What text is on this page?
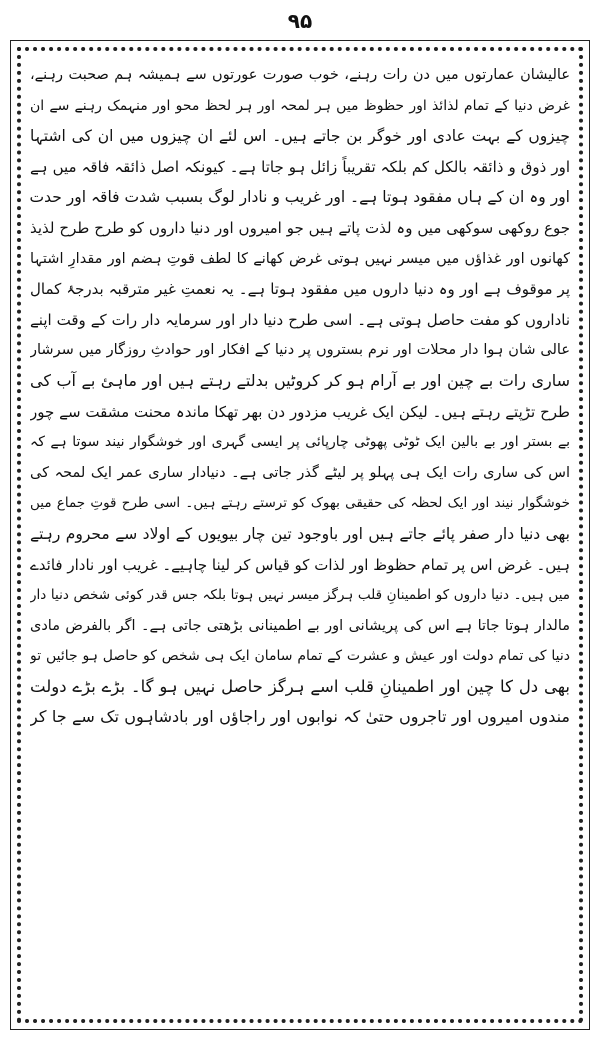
۹۵
عالیشان عمارتوں میں دن رات رہنے، خوب صورت عورتوں سے ہمیشہ ہم صحبت رہنے،
غرض دنیا کے تمام لذائذ اور حظوظ میں ہر لمحہ اور ہر لحظ محو اور منہمک رہنے سے ان
چیزوں کے بہت عادی اور خوگر بن جاتے ہیں۔ اس لئے ان چیزوں میں ان کی اشتہا
اور ذوق و ذائقہ بالکل کم بلکہ تقریباً زائل ہو جاتا ہے۔ کیونکہ اصل ذائقہ فاقہ میں ہے
اور وہ ان کے ہاں مفقود ہوتا ہے۔ اور غریب و نادار لوگ بسبب شدت فاقہ اور حدت
جوع روکھی سوکھی میں وہ لذت پاتے ہیں جو امیروں اور دنیا داروں کو طرح طرح لذیذ
کھانوں اور غذاؤں میں میسر نہیں ہوتی غرض کھانے کا لطف قوتِ ہضم اور مقدارِ اشتہا
پر موقوف ہے اور وہ دنیا داروں میں مفقود ہوتا ہے۔ یہ نعمتِ غیر مترقبہ بدرجۂ کمال
ناداروں کو مفت حاصل ہوتی ہے۔ اسی طرح دنیا دار اور سرمایہ دار رات کے وقت اپنے
عالی شان ہوا دار محلات اور نرم بستروں پر دنیا کے افکار اور حوادثِ روزگار میں سرشار
ساری رات بے چین اور بے آرام ہو کر کروٹیں بدلتے رہتے ہیں اور ماہئ بے آب کی
طرح تڑپتے رہتے ہیں۔ لیکن ایک غریب مزدور دن بھر تھکا ماندہ محنت مشقت سے چور
بے بستر اور بے بالین ایک ٹوٹی پھوٹی چارپائی پر ایسی گہری اور خوشگوار نیند سوتا ہے کہ
اس کی ساری رات ایک ہی پہلو پر لیٹے گذر جاتی ہے۔ دنیادار ساری عمر ایک لمحہ کی
خوشگوار نیند اور ایک لحظہ کی حقیقی بھوک کو ترستے رہتے ہیں۔ اسی طرح قوتِ جماع میں
بھی دنیا دار صفر پائے جاتے ہیں اور باوجود تین چار بیویوں کے اولاد سے محروم رہتے
ہیں۔ غرض اس پر تمام حظوظ اور لذات کو قیاس کر لینا چاہیے۔ غریب اور نادار فائدے
میں ہیں۔ دنیا داروں کو اطمینانِ قلب ہرگز میسر نہیں ہوتا بلکہ جس قدر کوئی شخص دنیا دار
مالدار ہوتا جاتا ہے اس کی پریشانی اور بے اطمینانی بڑھتی جاتی ہے۔ اگر بالفرض مادی
دنیا کی تمام دولت اور عیش و عشرت کے تمام سامان ایک ہی شخص کو حاصل ہو جائیں تو
بھی دل کا چین اور اطمینانِ قلب اسے ہرگز حاصل نہیں ہو گا۔ بڑے بڑے دولت
مندوں امیروں اور تاجروں حتیٰ کہ نوابوں اور راجاؤں اور بادشاہوں تک سے جا کر
